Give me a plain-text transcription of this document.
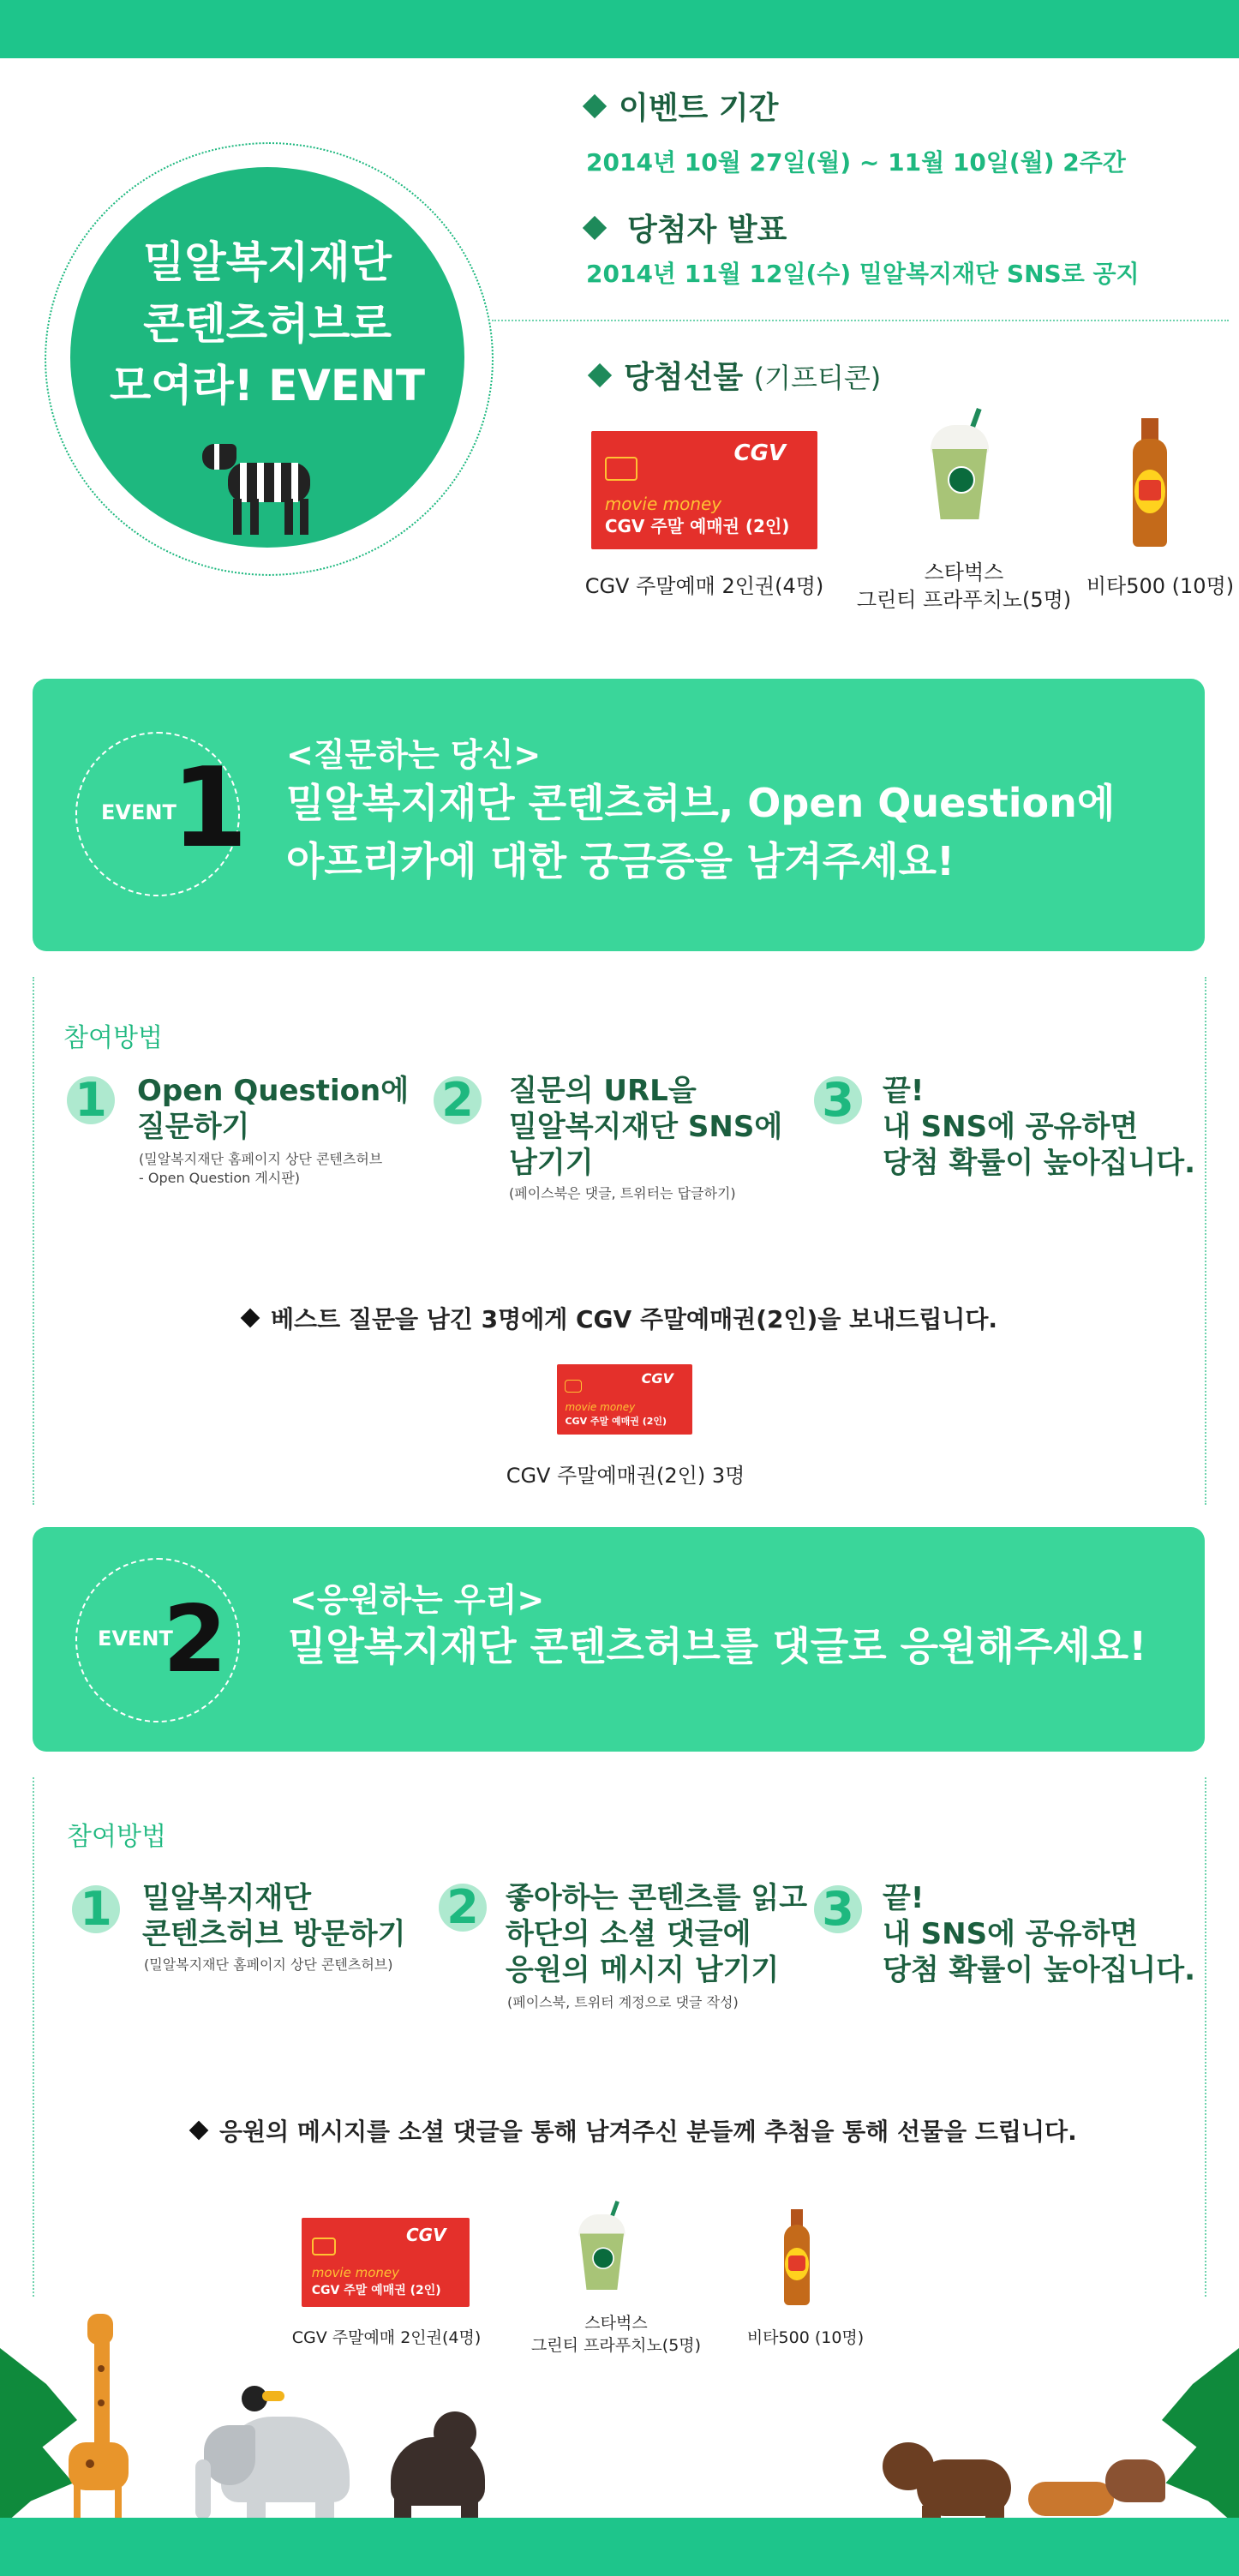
밀알복지재단
콘텐츠허브로
모여라! EVENT
이벤트 기간
2014년 10월 27일(월) ~ 11월 10일(월) 2주간
당첨자 발표
2014년 11월 12일(수) 밀알복지재단 SNS로 공지
당첨선물 (기프티콘)
CGV
movie money
CGV 주말 예매권 (2인)
CGV 주말예매 2인권(4명)
스타벅스
그린티 프라푸치노(5명)
비타500 (10명)
EVENT
1 <질문하는 당신>
밀알복지재단 콘텐츠허브, Open Question에
아프리카에 대한 궁금증을 남겨주세요!
참여방법
1 Open Question에
질문하기
(밀알복지재단 홈페이지 상단 콘텐츠허브
- Open Question 게시판)
2 질문의 URL을
밀알복지재단 SNS에
남기기
(페이스북은 댓글, 트위터는 답글하기)
3 끝!
내 SNS에 공유하면
당첨 확률이 높아집니다.
베스트 질문을 남긴 3명에게 CGV 주말예매권(2인)을 보내드립니다.
CGV
movie money
CGV 주말 예매권 (2인)
CGV 주말예매권(2인) 3명
EVENT
2 <응원하는 우리>
밀알복지재단 콘텐츠허브를 댓글로 응원해주세요!
참여방법
1 밀알복지재단
콘텐츠허브 방문하기
(밀알복지재단 홈페이지 상단 콘텐츠허브)
2 좋아하는 콘텐츠를 읽고
하단의 소셜 댓글에
응원의 메시지 남기기
(페이스북, 트위터 계정으로 댓글 작성)
3 끝!
내 SNS에 공유하면
당첨 확률이 높아집니다.
응원의 메시지를 소셜 댓글을 통해 남겨주신 분들께 추첨을 통해 선물을 드립니다.
CGV
movie money
CGV 주말 예매권 (2인)
CGV 주말예매 2인권(4명)
스타벅스
그린티 프라푸치노(5명)	비타500 (10명)
